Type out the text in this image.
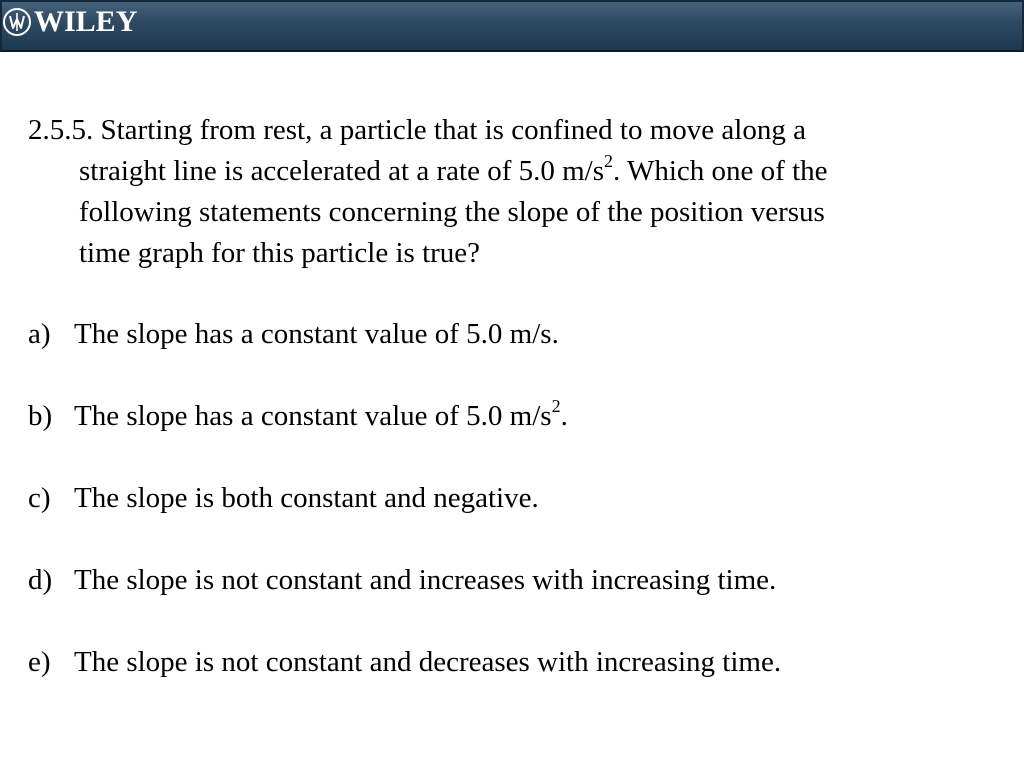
WILEY
2.5.5. Starting from rest, a particle that is confined to move along a
straight line is accelerated at a rate of 5.0 $m/s^2$. Which one of the
following statements concerning the slope of the position versus
time graph for this particle is true?
a) The slope has a constant value of 5.0 m/s.
b) The slope has a constant value of 5.0 $m/s^2$.
c) The slope is both constant and negative.
d) The slope is not constant and increases with increasing time.
e) The slope is not constant and decreases with increasing time.
